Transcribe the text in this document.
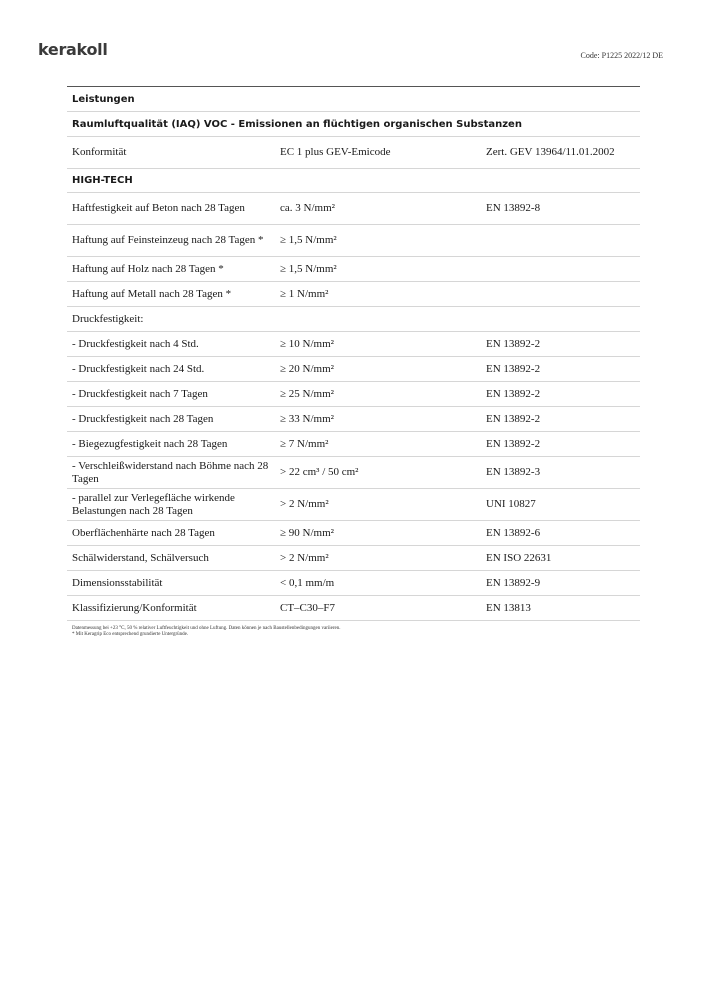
kerakoll	Code: P1225 2022/12 DE
Leistungen
Raumluftqualität (IAQ) VOC - Emissionen an flüchtigen organischen Substanzen
Konformität	EC 1 plus GEV-Emicode	Zert. GEV 13964/11.01.2002
HIGH-TECH
Haftfestigkeit auf Beton nach 28 Tagen	ca. 3 N/mm²	EN 13892-8
Haftung auf Feinsteinzeug nach 28 Tagen *	≥ 1,5 N/mm²
Haftung auf Holz nach 28 Tagen *	≥ 1,5 N/mm²
Haftung auf Metall nach 28 Tagen *	≥ 1 N/mm²
Druckfestigkeit:
- Druckfestigkeit nach 4 Std.	≥ 10 N/mm²	EN 13892-2
- Druckfestigkeit nach 24 Std.	≥ 20 N/mm²	EN 13892-2
- Druckfestigkeit nach 7 Tagen	≥ 25 N/mm²	EN 13892-2
- Druckfestigkeit nach 28 Tagen	≥ 33 N/mm²	EN 13892-2
- Biegezugfestigkeit nach 28 Tagen	≥ 7 N/mm²	EN 13892-2
- Verschleißwiderstand nach Böhme nach 28 Tagen
> 22 cm³ / 50 cm²	EN 13892-3
- parallel zur Verlegefläche wirkende Belastungen nach 28 Tagen
> 2 N/mm²	UNI 10827
Oberflächenhärte nach 28 Tagen	≥ 90 N/mm²	EN 13892-6
Schälwiderstand, Schälversuch	> 2 N/mm²	EN ISO 22631
Dimensionsstabilität	< 0,1 mm/m	EN 13892-9
Klassifizierung/Konformität	CT–C30–F7	EN 13813
Datenmessung bei +23 °C, 50 % relativer Luftfeuchtigkeit und ohne Luftung. Daten können je nach Baustellenbedingungen variieren.
* Mit Keragrip Eco entsprechend grundierte Untergründe.
